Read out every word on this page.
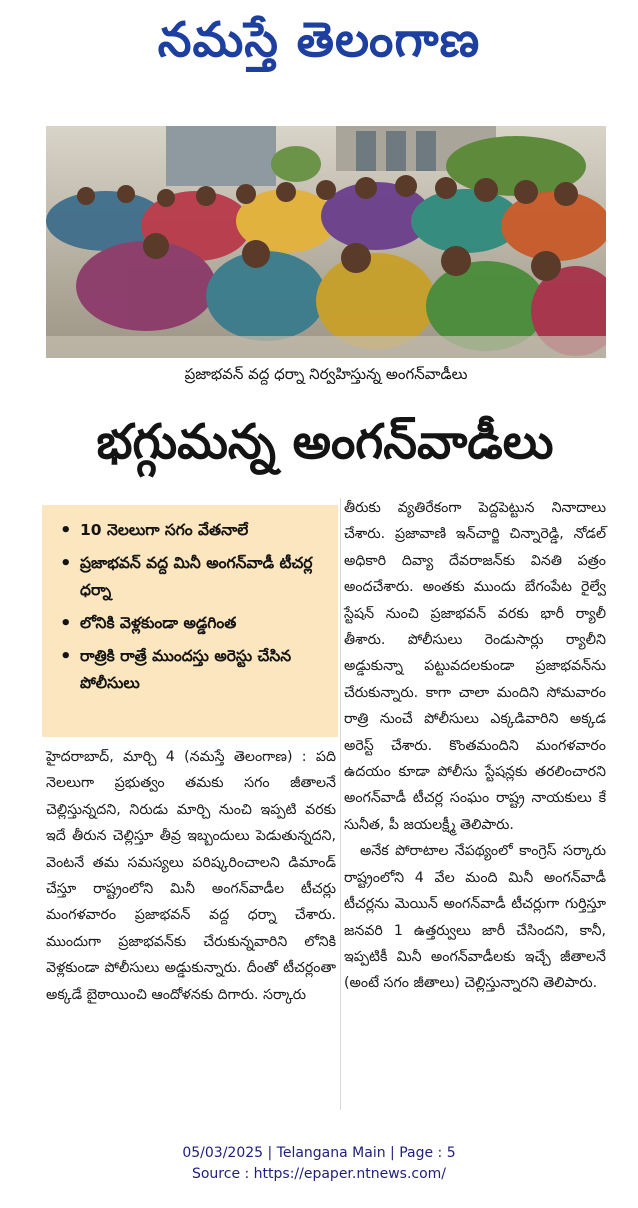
నమస్తే తెలంగాణ
ప్రజాభవన్ వద్ద ధర్నా నిర్వహిస్తున్న అంగన్‌వాడీలు
భగ్గుమన్న అంగన్‌వాడీలు
• 10 నెలలుగా సగం వేతనాలే
• ప్రజాభవన్ వద్ద మినీ అంగన్‌వాడీ టీచర్ల ధర్నా
• లోనికి వెళ్లకుండా అడ్డగింత
• రాత్రికి రాత్రే ముందస్తు అరెస్టు చేసిన పోలీసులు

హైదరాబాద్, మార్చి 4 (నమస్తే తెలంగాణ) : పది నెలలుగా ప్రభుత్వం తమకు సగం జీతాలనే చెల్లిస్తున్నదని, నిరుడు మార్చి నుంచి ఇప్పటి వరకు ఇదే తీరున చెల్లిస్తూ తీవ్ర ఇబ్బందులు పెడుతున్నదని, వెంటనే తమ సమస్యలు పరిష్కరించాలని డిమాండ్ చేస్తూ రాష్ట్రంలోని మినీ అంగన్‌వాడీల టీచర్లు మంగళవారం ప్రజాభవన్ వద్ద ధర్నా చేశారు. ముందుగా ప్రజాభవన్‌కు చేరుకున్నవారిని లోనికి వెళ్లకుండా పోలీసులు అడ్డుకున్నారు. దీంతో టీచర్లంతా అక్కడే బైఠాయించి ఆందోళనకు దిగారు. సర్కారు

తీరుకు వ్యతిరేకంగా పెద్దపెట్టున నినాదాలు చేశారు. ప్రజావాణి ఇన్‌చార్జి చిన్నారెడ్డి, నోడల్ అధికారి దివ్యా దేవరాజన్‌కు వినతి పత్రం అందచేశారు. అంతకు ముందు బేగంపేట రైల్వే స్టేషన్ నుంచి ప్రజాభవన్ వరకు భారీ ర్యాలీ తీశారు. పోలీసులు రెండుసార్లు ర్యాలీని అడ్డుకున్నా పట్టువదలకుండా ప్రజాభవన్‌ను చేరుకున్నారు. కాగా చాలా మందిని సోమవారం రాత్రి నుంచే పోలీసులు ఎక్కడివారిని అక్కడ అరెస్ట్ చేశారు. కొంతమందిని మంగళవారం ఉదయం కూడా పోలీసు స్టేషన్లకు తరలించారని అంగన్‌వాడీ టీచర్ల సంఘం రాష్ట్ర నాయకులు కే సునీత, పీ జయలక్ష్మీ తెలిపారు.

అనేక పోరాటాల నేపథ్యంలో కాంగ్రెస్ సర్కారు రాష్ట్రంలోని 4 వేల మంది మినీ అంగన్‌వాడీ టీచర్లను మెయిన్ అంగన్‌వాడీ టీచర్లుగా గుర్తిస్తూ జనవరి 1 ఉత్తర్వులు జారీ చేసిందని, కానీ, ఇప్పటికీ మినీ అంగన్‌వాడీలకు ఇచ్చే జీతాలనే (అంటే సగం జీతాలు) చెల్లిస్తున్నారని తెలిపారు.

05/03/2025 | Telangana Main | Page : 5
Source : https://epaper.ntnews.com/
